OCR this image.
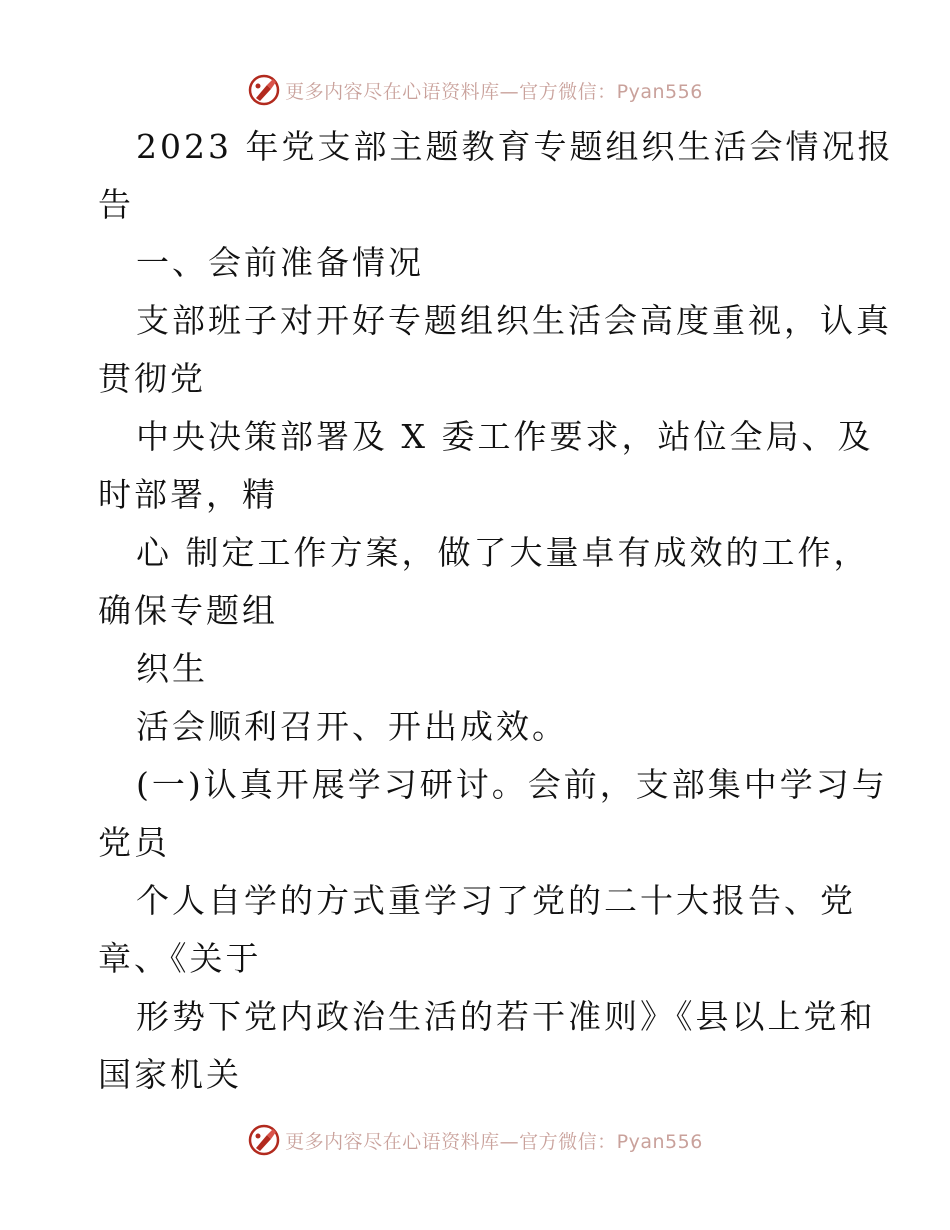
更多内容尽在心语资料库—官方微信：Pyan556
2023 年党支部主题教育专题组织生活会情况报
告
一、会前准备情况
支部班子对开好专题组织生活会高度重视，认真
贯彻党
中央决策部署及 X 委工作要求，站位全局、及
时部署，精
心 制定工作方案，做了大量卓有成效的工作，
确保专题组
织生
活会顺利召开、开出成效。
(一)认真开展学习研讨。会前，支部集中学习与
党员
个人自学的方式重学习了党的二十大报告、党
章、《关于
形势下党内政治生活的若干准则》《县以上党和
国家机关
更多内容尽在心语资料库—官方微信：Pyan556
